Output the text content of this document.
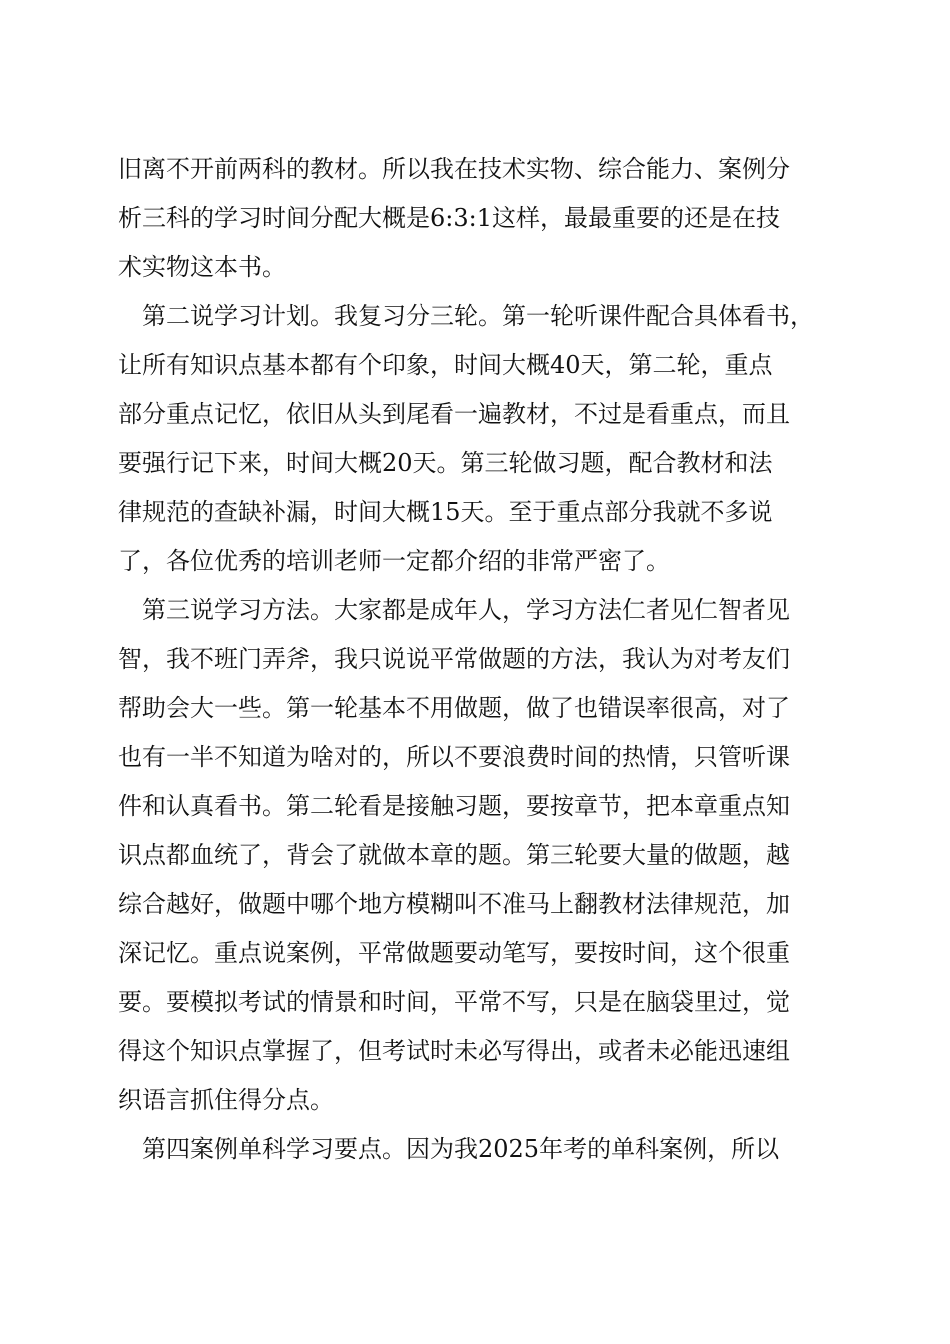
旧离不开前两科的教材。所以我在技术实物、综合能力、案例分
析三科的学习时间分配大概是6:3:1这样，最最重要的还是在技
术实物这本书。
　第二说学习计划。我复习分三轮。第一轮听课件配合具体看书，
让所有知识点基本都有个印象，时间大概40天，第二轮，重点
部分重点记忆，依旧从头到尾看一遍教材，不过是看重点，而且
要强行记下来，时间大概20天。第三轮做习题，配合教材和法
律规范的查缺补漏，时间大概15天。至于重点部分我就不多说
了，各位优秀的培训老师一定都介绍的非常严密了。
　第三说学习方法。大家都是成年人，学习方法仁者见仁智者见
智，我不班门弄斧，我只说说平常做题的方法，我认为对考友们
帮助会大一些。第一轮基本不用做题，做了也错误率很高，对了
也有一半不知道为啥对的，所以不要浪费时间的热情，只管听课
件和认真看书。第二轮看是接触习题，要按章节，把本章重点知
识点都血统了，背会了就做本章的题。第三轮要大量的做题，越
综合越好，做题中哪个地方模糊叫不准马上翻教材法律规范，加
深记忆。重点说案例，平常做题要动笔写，要按时间，这个很重
要。要模拟考试的情景和时间，平常不写，只是在脑袋里过，觉
得这个知识点掌握了，但考试时未必写得出，或者未必能迅速组
织语言抓住得分点。
　第四案例单科学习要点。因为我2025年考的单科案例，所以
